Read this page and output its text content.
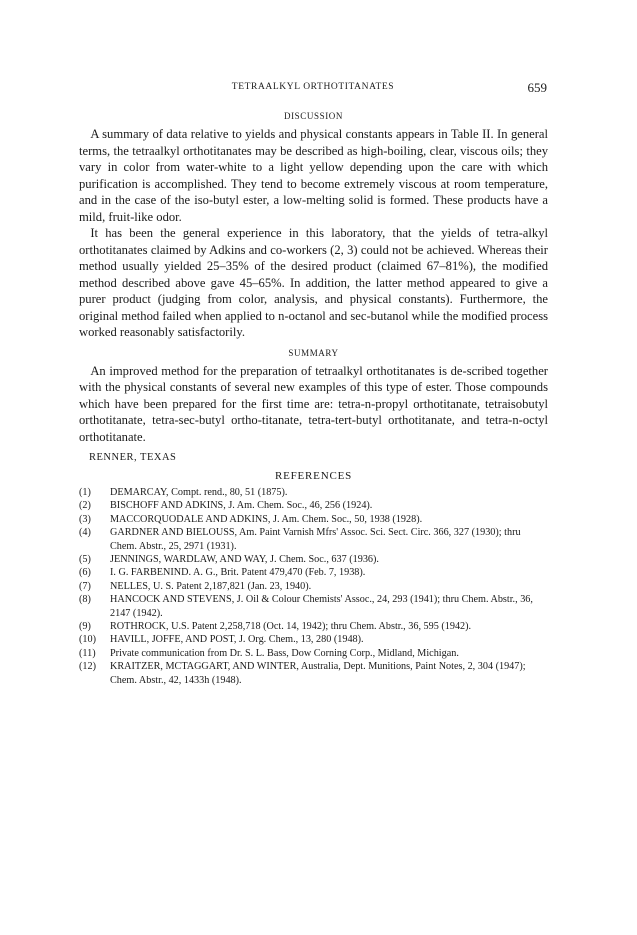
TETRAALKYL ORTHOTITANATES	659
DISCUSSION

A summary of data relative to yields and physical constants appears in Table II. In general terms, the tetraalkyl orthotitanates may be described as high-boiling, clear, viscous oils; they vary in color from water-white to a light yellow depending upon the care with which purification is accomplished. They tend to become extremely viscous at room temperature, and in the case of the iso-butyl ester, a low-melting solid is formed. These products have a mild, fruit-like odor.

It has been the general experience in this laboratory, that the yields of tetra-alkyl orthotitanates claimed by Adkins and co-workers (2, 3) could not be achieved. Whereas their method usually yielded 25–35% of the desired product (claimed 67–81%), the modified method described above gave 45–65%. In addition, the latter method appeared to give a purer product (judging from color, analysis, and physical constants). Furthermore, the original method failed when applied to n-octanol and sec-butanol while the modified process worked reasonably satisfactorily.

SUMMARY

An improved method for the preparation of tetraalkyl orthotitanates is de-scribed together with the physical constants of several new examples of this type of ester. Those compounds which have been prepared for the first time are: tetra-n-propyl orthotitanate, tetraisobutyl orthotitanate, tetra-sec-butyl ortho-titanate, tetra-tert-butyl orthotitanate, and tetra-n-octyl orthotitanate.

RENNER, TEXAS
REFERENCES
(1) DEMARCAY, Compt. rend., 80, 51 (1875).
(2) BISCHOFF AND ADKINS, J. Am. Chem. Soc., 46, 256 (1924).
(3) MACCORQUODALE AND ADKINS, J. Am. Chem. Soc., 50, 1938 (1928).
(4) GARDNER AND BIELOUSS, Am. Paint Varnish Mfrs' Assoc. Sci. Sect. Circ. 366, 327 (1930); thru Chem. Abstr., 25, 2971 (1931).
(5) JENNINGS, WARDLAW, AND WAY, J. Chem. Soc., 637 (1936).
(6) I. G. FARBENIND. A. G., Brit. Patent 479,470 (Feb. 7, 1938).
(7) NELLES, U. S. Patent 2,187,821 (Jan. 23, 1940).
(8) HANCOCK AND STEVENS, J. Oil & Colour Chemists' Assoc., 24, 293 (1941); thru Chem. Abstr., 36, 2147 (1942).
(9) ROTHROCK, U.S. Patent 2,258,718 (Oct. 14, 1942); thru Chem. Abstr., 36, 595 (1942).
(10) HAVILL, JOFFE, AND POST, J. Org. Chem., 13, 280 (1948).
(11) Private communication from Dr. S. L. Bass, Dow Corning Corp., Midland, Michigan.
(12) KRAITZER, MCTAGGART, AND WINTER, Australia, Dept. Munitions, Paint Notes, 2, 304 (1947); Chem. Abstr., 42, 1433h (1948).
